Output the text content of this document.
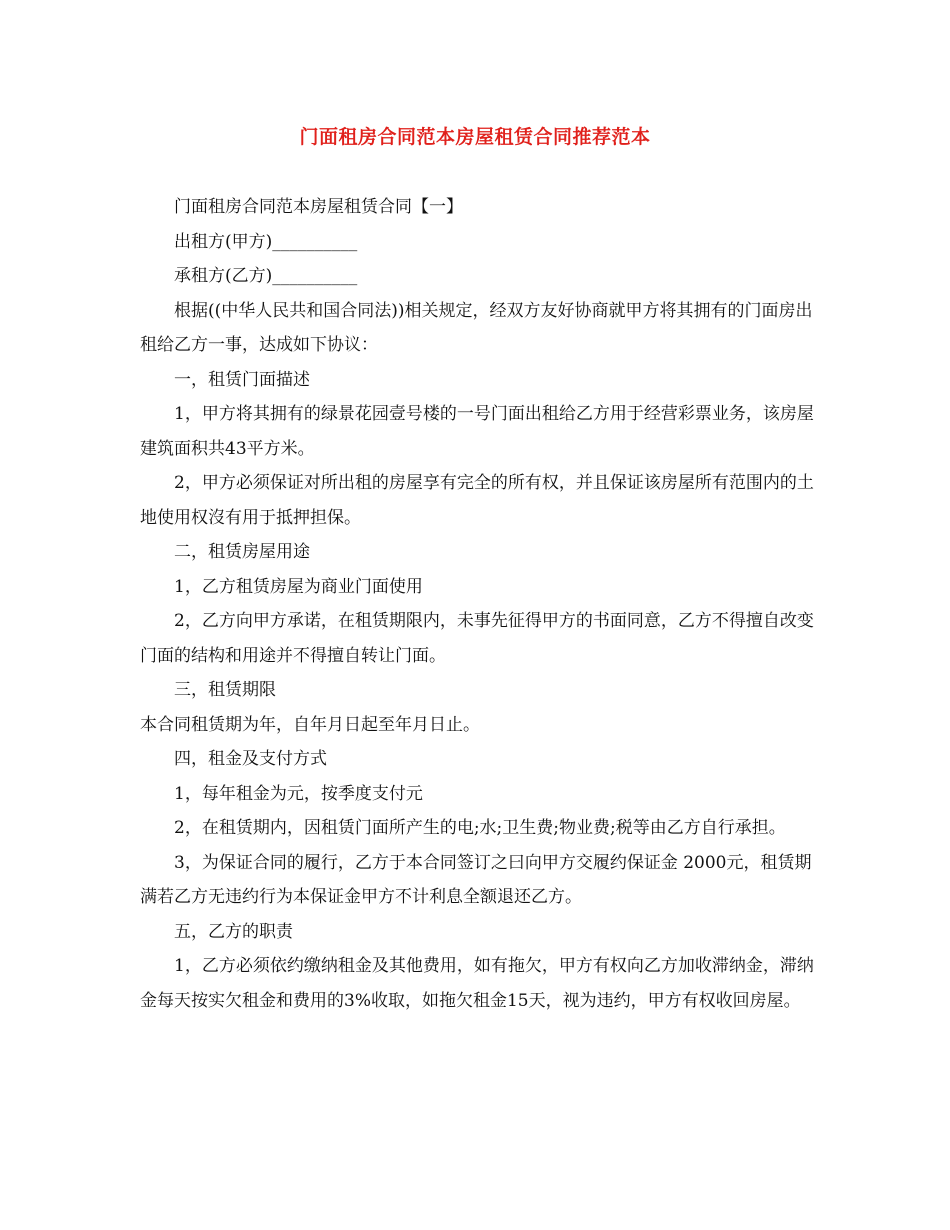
门面租房合同范本房屋租赁合同推荐范本

门面租房合同范本房屋租赁合同【一】

出租方(甲方)__________

承租方(乙方)__________

根据((中华人民共和国合同法))相关规定，经双方友好协商就甲方将其拥有的门面房出租给乙方一事，达成如下协议：

一，租赁门面描述

1，甲方将其拥有的绿景花园壹号楼的一号门面出租给乙方用于经营彩票业务，该房屋建筑面积共43平方米。

2，甲方必须保证对所出租的房屋享有完全的所有权，并且保证该房屋所有范围内的土地使用权沒有用于抵押担保。

二，租赁房屋用途

1，乙方租赁房屋为商业门面使用

2，乙方向甲方承诺，在租赁期限内，未事先征得甲方的书面同意，乙方不得擅自改变门面的结构和用途并不得擅自转让门面。

三，租赁期限

本合同租赁期为年，自年月日起至年月日止。

四，租金及支付方式

1，每年租金为元，按季度支付元

2，在租赁期内，因租赁门面所产生的电;水;卫生费;物业费;税等由乙方自行承担。

3，为保证合同的履行，乙方于本合同签订之曰向甲方交履约保证金 2000元，租赁期满若乙方无违约行为本保证金甲方不计利息全额退还乙方。

五，乙方的职责

1，乙方必须依约缴纳租金及其他费用，如有拖欠，甲方有权向乙方加收滞纳金，滞纳金每天按实欠租金和费用的3%收取，如拖欠租金15天，视为违约，甲方有权收回房屋。
